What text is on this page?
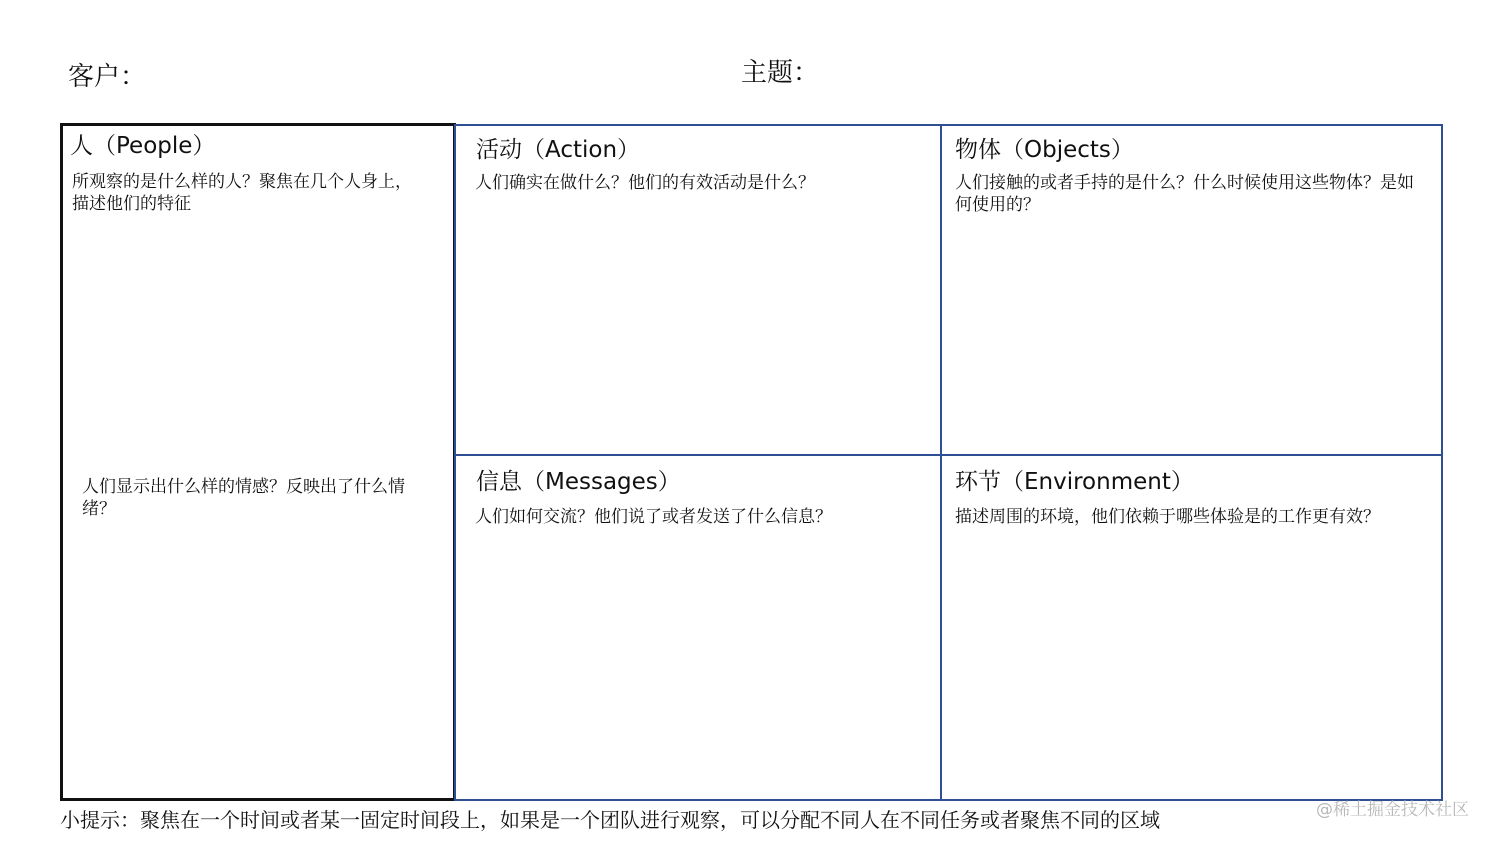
客户：	主题：
人（People）
所观察的是什么样的人？聚焦在几个人身上，描述他们的特征
人们显示出什么样的情感？反映出了什么情绪？
活动（Action）
人们确实在做什么？他们的有效活动是什么？
物体（Objects）
人们接触的或者手持的是什么？什么时候使用这些物体？是如何使用的？
信息（Messages）
人们如何交流？他们说了或者发送了什么信息？
环节（Environment）
描述周围的环境，他们依赖于哪些体验是的工作更有效？
小提示：聚焦在一个时间或者某一固定时间段上，如果是一个团队进行观察，可以分配不同人在不同任务或者聚焦不同的区域	@稀土掘金技术社区
